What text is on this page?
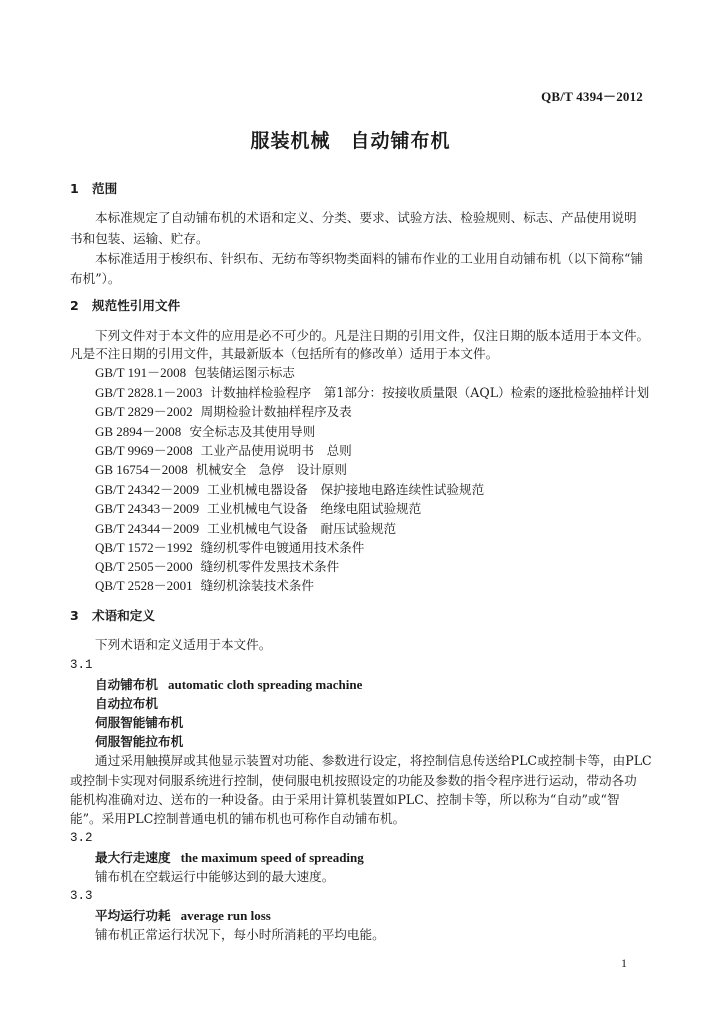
QB/T 4394－2012
服装机械　自动铺布机
1 范围
本标准规定了自动铺布机的术语和定义、分类、要求、试验方法、检验规则、标志、产品使用说明
书和包装、运输、贮存。
本标准适用于梭织布、针织布、无纺布等织物类面料的铺布作业的工业用自动铺布机（以下简称“铺
布机”）。
2 规范性引用文件
下列文件对于本文件的应用是必不可少的。凡是注日期的引用文件，仅注日期的版本适用于本文件。
凡是不注日期的引用文件，其最新版本（包括所有的修改单）适用于本文件。
GB/T 191－2008 包装储运图示标志
GB/T 2828.1－2003 计数抽样检验程序　第1部分：按接收质量限（AQL）检索的逐批检验抽样计划
GB/T 2829－2002 周期检验计数抽样程序及表
GB 2894－2008 安全标志及其使用导则
GB/T 9969－2008 工业产品使用说明书　总则
GB 16754－2008 机械安全　急停　设计原则
GB/T 24342－2009 工业机械电器设备　保护接地电路连续性试验规范
GB/T 24343－2009 工业机械电气设备　绝缘电阻试验规范
GB/T 24344－2009 工业机械电气设备　耐压试验规范
QB/T 1572－1992 缝纫机零件电镀通用技术条件
QB/T 2505－2000 缝纫机零件发黑技术条件
QB/T 2528－2001 缝纫机涂装技术条件
3 术语和定义
下列术语和定义适用于本文件。
3.1
自动铺布机 automatic cloth spreading machine
自动拉布机
伺服智能铺布机
伺服智能拉布机
通过采用触摸屏或其他显示装置对功能、参数进行设定，将控制信息传送给PLC或控制卡等，由PLC
或控制卡实现对伺服系统进行控制，使伺服电机按照设定的功能及参数的指令程序进行运动，带动各功
能机构准确对边、送布的一种设备。由于采用计算机装置如PLC、控制卡等，所以称为“自动”或“智
能”。采用PLC控制普通电机的铺布机也可称作自动铺布机。
3.2
最大行走速度 the maximum speed of spreading
铺布机在空载运行中能够达到的最大速度。
3.3
平均运行功耗 average run loss
铺布机正常运行状况下，每小时所消耗的平均电能。
1
